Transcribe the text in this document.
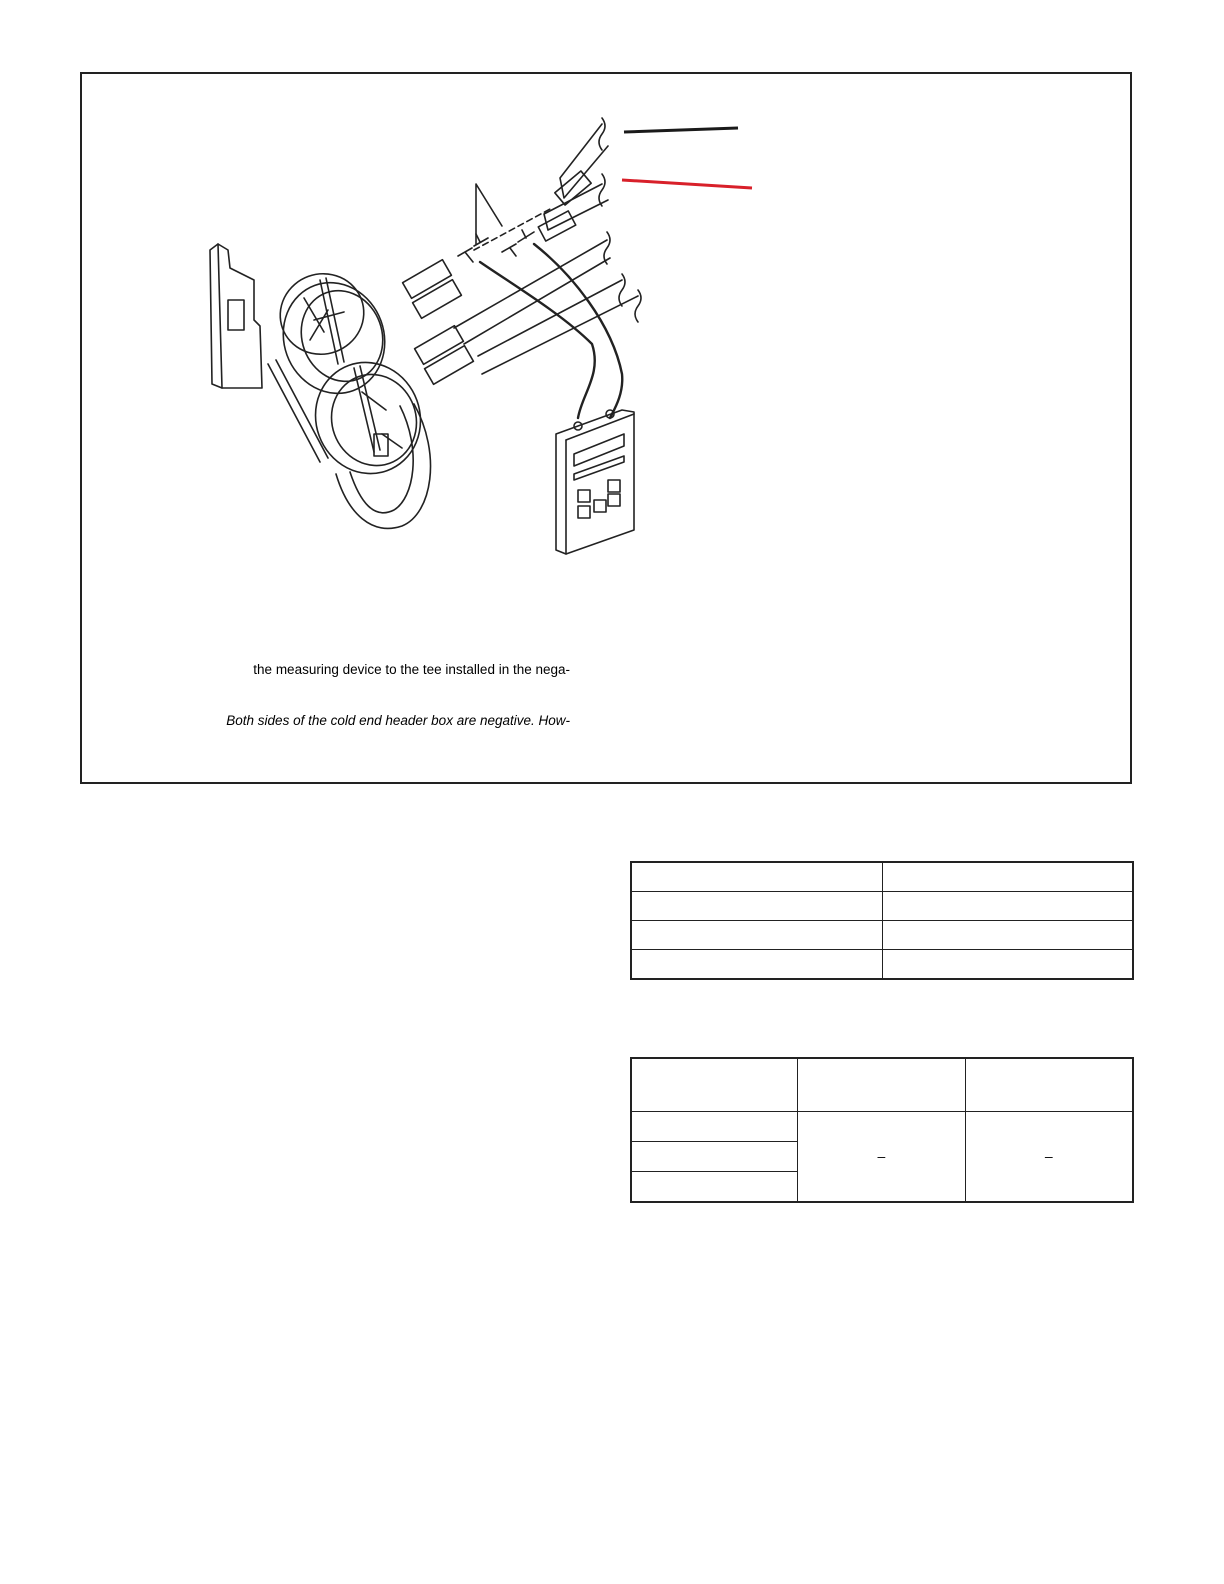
the measuring device to the tee installed in the nega-
Both sides of the cold end header box are negative. How-

	–	–
